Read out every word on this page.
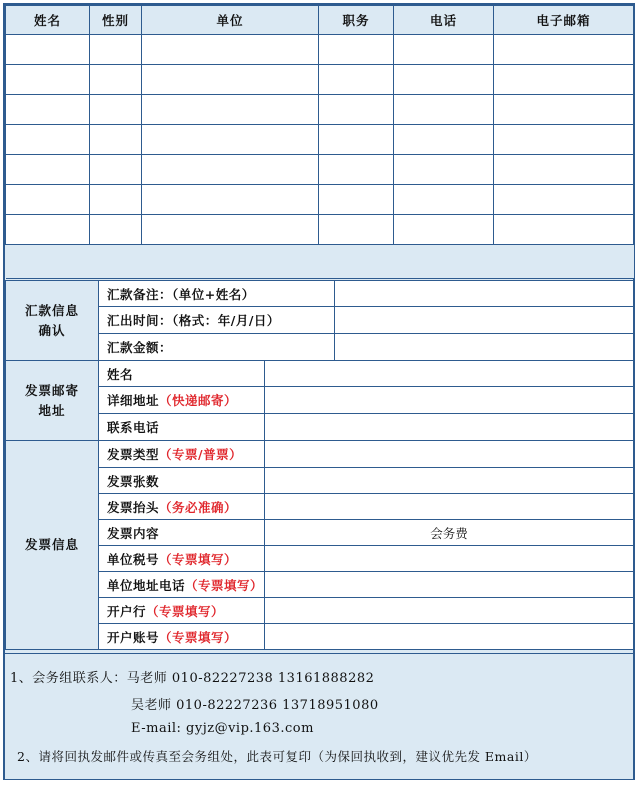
姓名	性别	单位	职务	电话	电子邮箱

汇款信息确认	汇款备注：（单位+姓名）	
	汇出时间：（格式：年/月/日）	
	汇款金额：	
发票邮寄地址	姓名	
	详细地址（快递邮寄）	
	联系电话	
发票信息	发票类型（专票/普票）	
	发票张数	
	发票抬头（务必准确）	
	发票内容	会务费
	单位税号（专票填写）	
	单位地址电话（专票填写）	
	开户行（专票填写）	
	开户账号（专票填写）	
1、会务组联系人：马老师 010-82227238 13161888282
吴老师 010-82227236 13718951080
E-mail: gyjz@vip.163.com
2、请将回执发邮件或传真至会务组处，此表可复印（为保回执收到，建议优先发 Email）
